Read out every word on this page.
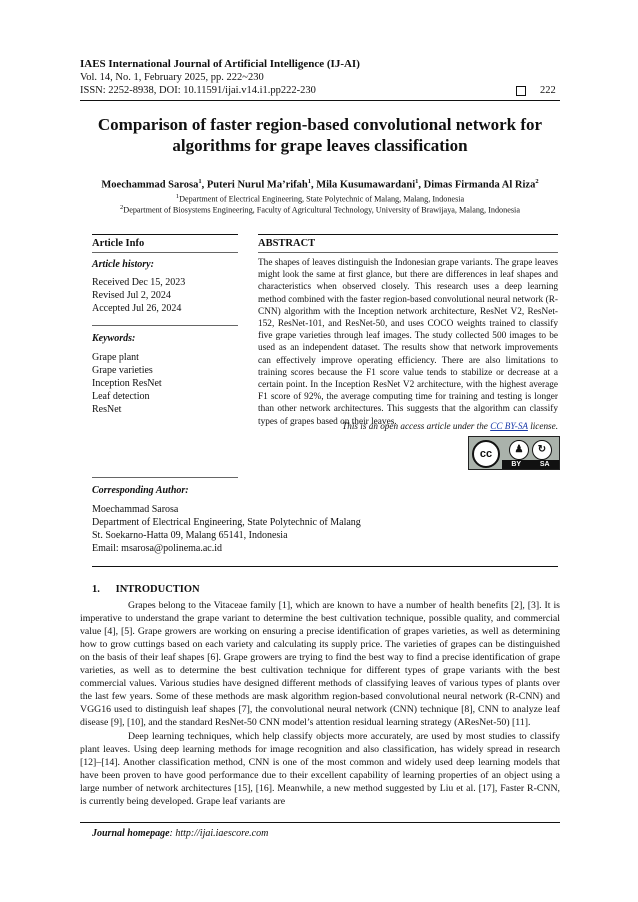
IAES International Journal of Artificial Intelligence (IJ-AI)
Vol. 14, No. 1, February 2025, pp. 222~230
ISSN: 2252-8938, DOI: 10.11591/ijai.v14.i1.pp222-230	222
Comparison of faster region-based convolutional network for
algorithms for grape leaves classification
Moechammad Sarosa$^1$, Puteri Nurul Ma’rifah$^1$, Mila Kusumawardani$^1$, Dimas Firmanda Al Riza$^2$
$^1$Department of Electrical Engineering, State Polytechnic of Malang, Malang, Indonesia
$^2$Department of Biosystems Engineering, Faculty of Agricultural Technology, University of Brawijaya, Malang, Indonesia
Article Info	ABSTRACT
Article history:
Received Dec 15, 2023
Revised Jul 2, 2024
Accepted Jul 26, 2024
Keywords:
Grape plant
Grape varieties
Inception ResNet
Leaf detection
ResNet
The shapes of leaves distinguish the Indonesian grape variants. The grape leaves might look the same at first glance, but there are differences in leaf shapes and characteristics when observed closely. This research uses a deep learning method combined with the faster region-based convolutional neural network (R-CNN) algorithm with the Inception network architecture, ResNet V2, ResNet-152, ResNet-101, and ResNet-50, and uses COCO weights trained to classify five grape varieties through leaf images. The study collected 500 images to be used as an independent dataset. The results show that network improvements can effectively improve operating efficiency. There are also limitations to training scores because the F1 score value tends to stabilize or decrease at a certain point. In the Inception ResNet V2 architecture, with the highest average F1 score of 92%, the average computing time for training and testing is longer than other network architectures. This suggests that the algorithm can classify types of grapes based on their leaves.
This is an open access article under the CC BY-SA license.
cc	♟	↻
BY	SA
Corresponding Author:
Moechammad Sarosa
Department of Electrical Engineering, State Polytechnic of Malang
St. Soekarno-Hatta 09, Malang 65141, Indonesia
Email: msarosa@polinema.ac.id
1.      INTRODUCTION
Grapes belong to the Vitaceae family [1], which are known to have a number of health benefits [2], [3]. It is imperative to understand the grape variant to determine the best cultivation technique, possible quality, and commercial value [4], [5]. Grape growers are working on ensuring a precise identification of grapes varieties, as well as determining how to grow cuttings based on each variety and calculating its supply price. The varieties of grapes can be distinguished on the basis of their leaf shapes [6]. Grape growers are trying to find the best way to find a precise identification of grape varieties, as well as to determine the best cultivation technique for different types of grape variants with the best commercial values. Various studies have designed different methods of classifying leaves of various types of plants over the last few years. Some of these methods are mask algorithm region-based convolutional neural network (R-CNN) and VGG16 used to distinguish leaf shapes [7], the convolutional neural network (CNN) technique [8], CNN to analyze leaf disease [9], [10], and the standard ResNet-50 CNN model’s attention residual learning strategy (AResNet-50) [11].
Deep learning techniques, which help classify objects more accurately, are used by most studies to classify plant leaves. Using deep learning methods for image recognition and also classification, has widely spread in research [12]–[14]. Another classification method, CNN is one of the most common and widely used deep learning models that have been proven to have good performance due to their excellent capability of learning properties of an object using a large number of network architectures [15], [16]. Meanwhile, a new method suggested by Liu et al. [17], Faster R-CNN, is currently being developed. Grape leaf variants are
Journal homepage: http://ijai.iaescore.com
